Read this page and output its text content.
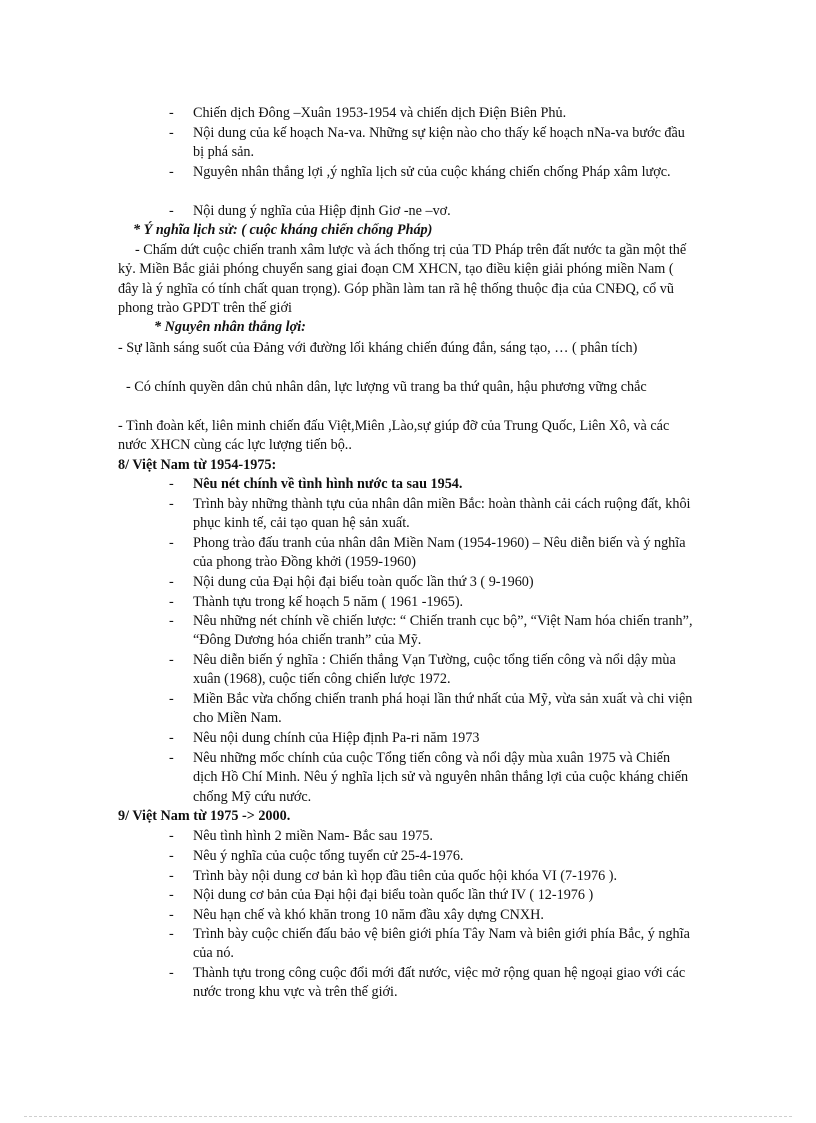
-	Chiến dịch Đông –Xuân 1953-1954 và chiến dịch Điện Biên Phủ.
-	Nội dung của kế hoạch Na-va. Những sự kiện nào cho thấy kế hoạch nNa-va bước đầu bị phá sản.
-	Nguyên nhân thắng lợi ,ý nghĩa lịch sử của cuộc kháng chiến chống Pháp xâm lược.
-	Nội dung ý nghĩa của Hiệp định Giơ -ne –vơ.
* Ý nghĩa lịch sử: ( cuộc kháng chiến chống Pháp)
- Chấm dứt cuộc chiến tranh xâm lược và ách thống trị của TD Pháp trên đất nước ta gần một thế kỷ. Miền Bắc giải phóng chuyển sang giai đoạn CM XHCN, tạo điều kiện giải phóng miền Nam ( đây là ý nghĩa có tính chất quan trọng). Góp phần làm tan rã hệ thống thuộc địa của CNĐQ, cổ vũ phong trào GPDT trên thế giới
* Nguyên nhân thắng lợi:
- Sự lãnh sáng suốt của Đảng với đường lối kháng chiến đúng đắn, sáng tạo, … ( phân tích)
- Có chính quyền dân chủ nhân dân, lực lượng vũ trang ba thứ quân, hậu phương vững chắc
- Tình đoàn kết, liên minh chiến đấu Việt,Miên ,Lào,sự giúp đỡ của Trung Quốc, Liên Xô, và các nước XHCN cùng các lực lượng tiến bộ..
8/ Việt Nam từ 1954-1975:
-	Nêu nét chính về tình hình nước ta sau 1954.
-	Trình bày những thành tựu của nhân dân miền Bắc: hoàn thành cải cách ruộng đất, khôi phục kinh tế, cải tạo quan hệ sản xuất.
-	Phong trào đấu tranh của nhân dân Miền Nam (1954-1960) – Nêu diễn biến và ý nghĩa của phong trào Đồng khởi (1959-1960)
-	Nội dung của Đại hội đại biểu toàn quốc lần thứ 3 ( 9-1960)
-	Thành tựu trong kế hoạch 5 năm ( 1961 -1965).
-	Nêu những nét chính về chiến lược: “ Chiến tranh cục bộ”, “Việt Nam hóa chiến tranh”, “Đông Dương hóa chiến tranh” của Mỹ.
-	Nêu diễn biến ý nghĩa : Chiến thắng Vạn Tường, cuộc tổng tiến công và nổi dậy mùa xuân (1968), cuộc tiến công chiến lược 1972.
-	Miền Bắc vừa chống chiến tranh phá hoại lần thứ nhất của Mỹ, vừa sản xuất và chi viện cho Miền Nam.
-	Nêu nội dung chính của Hiệp định Pa-ri năm 1973
-	Nêu những mốc chính của cuộc Tổng tiến công và nổi dậy mùa xuân 1975 và Chiến dịch Hồ Chí Minh. Nêu ý nghĩa lịch sử và nguyên nhân thắng lợi của cuộc kháng chiến chống Mỹ cứu nước.
9/ Việt Nam từ 1975 -> 2000.
-	Nêu tình hình 2 miền Nam- Bắc sau 1975.
-	Nêu ý nghĩa của cuộc tổng tuyển cử 25-4-1976.
-	Trình bày nội dung cơ bản kì họp đầu tiên của quốc hội khóa VI (7-1976 ).
-	Nội dung cơ bản của Đại hội đại biểu toàn quốc lần thứ IV ( 12-1976 )
-	Nêu hạn chế và khó khăn trong 10 năm đầu xây dựng CNXH.
-	Trình bày cuộc chiến đấu bảo vệ biên giới phía Tây Nam và biên giới phía Bắc, ý nghĩa của nó.
-	Thành tựu trong công cuộc đổi mới đất nước, việc mở rộng quan hệ ngoại giao với các nước trong khu vực và trên thế giới.
